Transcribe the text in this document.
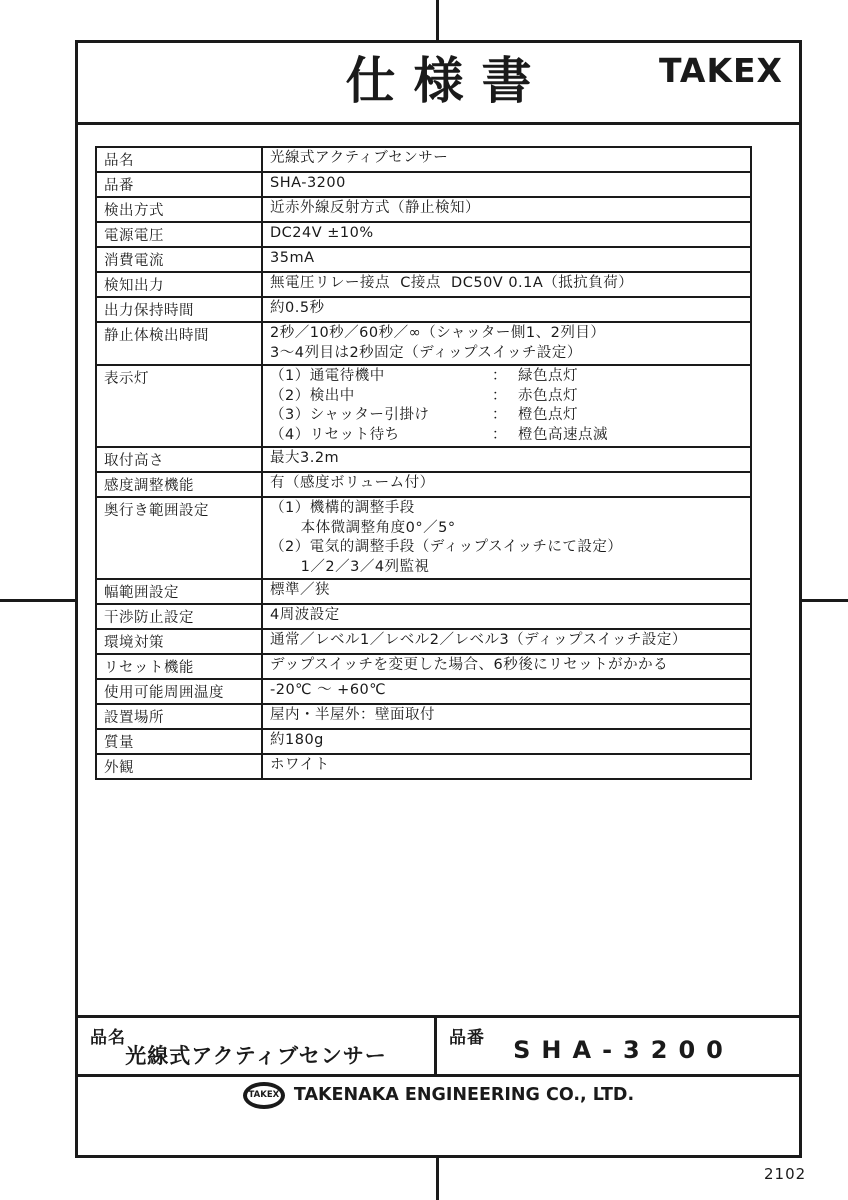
仕様書	TAKEX
品名	光線式アクティブセンサー

品番	SHA-3200

検出方式	近赤外線反射方式（静止検知）

電源電圧	DC24V ±10%

消費電流	35mA

検知出力	無電圧リレー接点  C接点  DC50V 0.1A（抵抗負荷）

出力保持時間	約0.5秒

静止体検出時間	2秒／10秒／60秒／∞（シャッター側1、2列目）
3～4列目は2秒固定（ディップスイッチ設定）

表示灯	（1）通電待機中 ： 緑色点灯
（2）検出中 ： 赤色点灯
（3）シャッター引掛け ： 橙色点灯
（4）リセット待ち ： 橙色高速点滅

取付高さ	最大3.2m

感度調整機能	有（感度ボリューム付）

奥行き範囲設定	（1）機構的調整手段
本体微調整角度0°／5°
（2）電気的調整手段（ディップスイッチにて設定）
1／2／3／4列監視

幅範囲設定	標準／狭

干渉防止設定	4周波設定

環境対策	通常／レベル1／レベル2／レベル3（ディップスイッチ設定）

リセット機能	デップスイッチを変更した場合、6秒後にリセットがかかる

使用可能周囲温度	-20℃ ～ +60℃

設置場所	屋内・半屋外：壁面取付

質量	約180g

外観	ホワイト
品名
光線式アクティブセンサー
品番	SHA-3200
TAKEX TAKENAKA ENGINEERING CO., LTD.
2102
